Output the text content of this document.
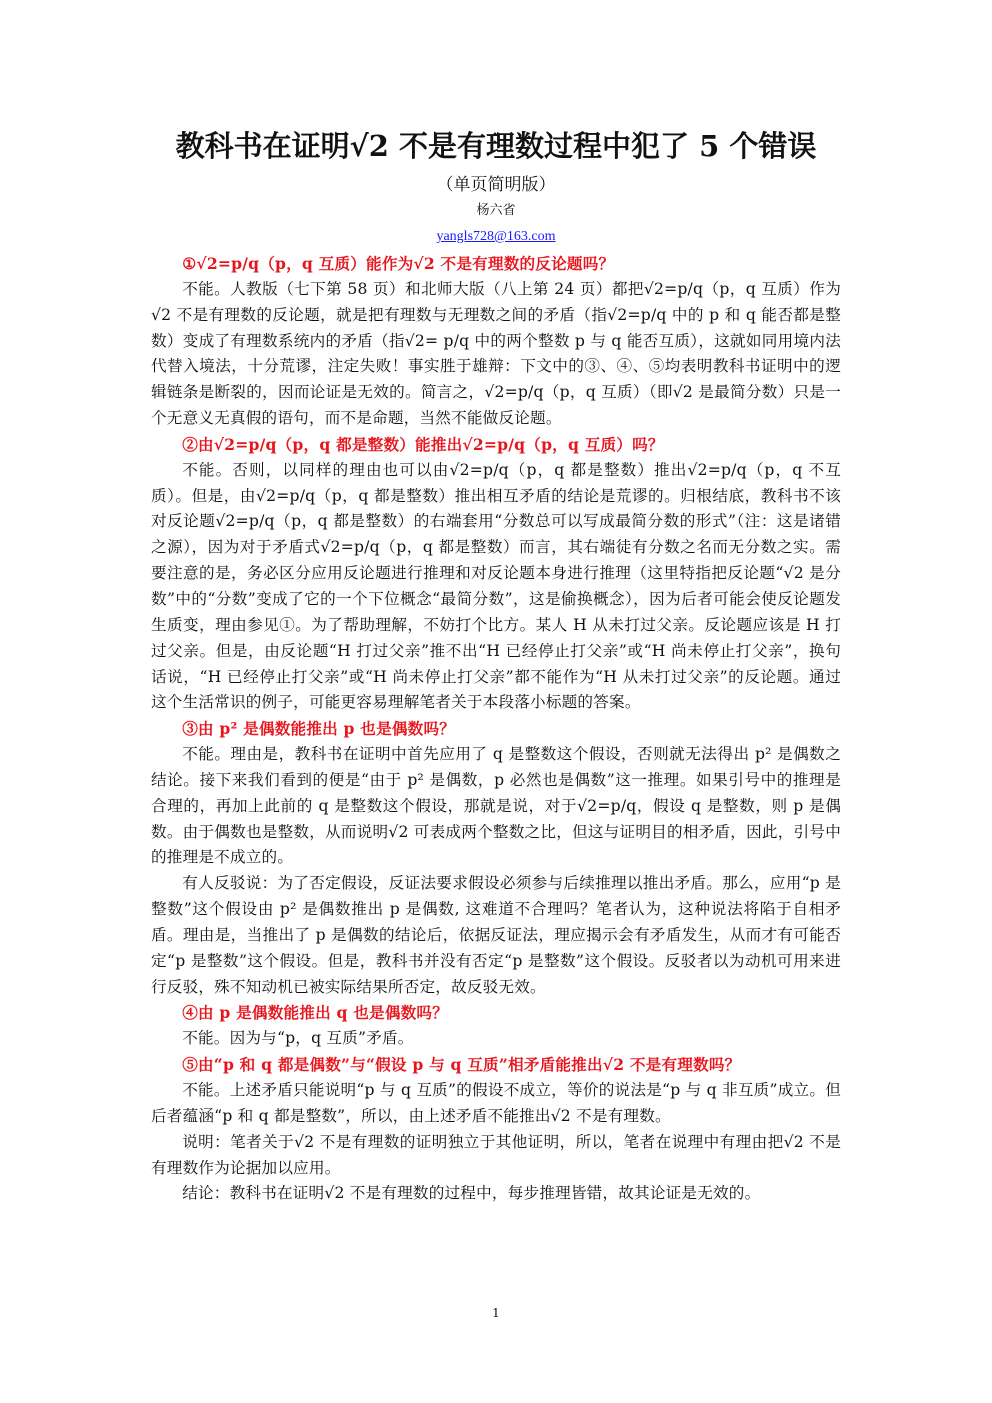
教科书在证明√2 不是有理数过程中犯了 5 个错误
（单页简明版）
杨六省
yangls728@163.com
①√2=p/q（p，q 互质）能作为√2 不是有理数的反论题吗？

不能。人教版（七下第 58 页）和北师大版（八上第 24 页）都把√2=p/q（p，q 互质）作为√2 不是有理数的反论题，就是把有理数与无理数之间的矛盾（指√2=p/q 中的 p 和 q 能否都是整数）变成了有理数系统内的矛盾（指√2= p/q 中的两个整数 p 与 q 能否互质），这就如同用境内法代替入境法，十分荒谬，注定失败！事实胜于雄辩：下文中的③、④、⑤均表明教科书证明中的逻辑链条是断裂的，因而论证是无效的。简言之，√2=p/q（p，q 互质）（即√2 是最简分数）只是一个无意义无真假的语句，而不是命题，当然不能做反论题。

②由√2=p/q（p，q 都是整数）能推出√2=p/q（p，q 互质）吗？

不能。否则，以同样的理由也可以由√2=p/q（p，q 都是整数）推出√2=p/q（p，q 不互质）。但是，由√2=p/q（p，q 都是整数）推出相互矛盾的结论是荒谬的。归根结底，教科书不该对反论题√2=p/q（p，q 都是整数）的右端套用“分数总可以写成最简分数的形式”（注：这是诸错之源），因为对于矛盾式√2=p/q（p，q 都是整数）而言，其右端徒有分数之名而无分数之实。需要注意的是，务必区分应用反论题进行推理和对反论题本身进行推理（这里特指把反论题“√2 是分数”中的“分数”变成了它的一个下位概念“最简分数”，这是偷换概念），因为后者可能会使反论题发生质变，理由参见①。为了帮助理解，不妨打个比方。某人 H 从未打过父亲。反论题应该是 H 打过父亲。但是，由反论题“H 打过父亲”推不出“H 已经停止打父亲”或“H 尚未停止打父亲”，换句话说，“H 已经停止打父亲”或“H 尚未停止打父亲”都不能作为“H 从未打过父亲”的反论题。通过这个生活常识的例子，可能更容易理解笔者关于本段落小标题的答案。

③由 p² 是偶数能推出 p 也是偶数吗？

不能。理由是，教科书在证明中首先应用了 q 是整数这个假设，否则就无法得出 p² 是偶数之结论。接下来我们看到的便是“由于 p² 是偶数，p 必然也是偶数”这一推理。如果引号中的推理是合理的，再加上此前的 q 是整数这个假设，那就是说，对于√2=p/q，假设 q 是整数，则 p 是偶数。由于偶数也是整数，从而说明√2 可表成两个整数之比，但这与证明目的相矛盾，因此，引号中的推理是不成立的。

有人反驳说：为了否定假设，反证法要求假设必须参与后续推理以推出矛盾。那么，应用“p 是整数”这个假设由 p² 是偶数推出 p 是偶数, 这难道不合理吗？笔者认为，这种说法将陷于自相矛盾。理由是，当推出了 p 是偶数的结论后，依据反证法，理应揭示会有矛盾发生，从而才有可能否定“p 是整数”这个假设。但是，教科书并没有否定“p 是整数”这个假设。反驳者以为动机可用来进行反驳，殊不知动机已被实际结果所否定，故反驳无效。

④由 p 是偶数能推出 q 也是偶数吗？

不能。因为与“p，q 互质”矛盾。

⑤由“p 和 q 都是偶数”与“假设 p 与 q 互质”相矛盾能推出√2 不是有理数吗？

不能。上述矛盾只能说明“p 与 q 互质”的假设不成立，等价的说法是“p 与 q 非互质”成立。但后者蕴涵“p 和 q 都是整数”，所以，由上述矛盾不能推出√2 不是有理数。

说明：笔者关于√2 不是有理数的证明独立于其他证明，所以，笔者在说理中有理由把√2 不是有理数作为论据加以应用。

结论：教科书在证明√2 不是有理数的过程中，每步推理皆错，故其论证是无效的。

1
